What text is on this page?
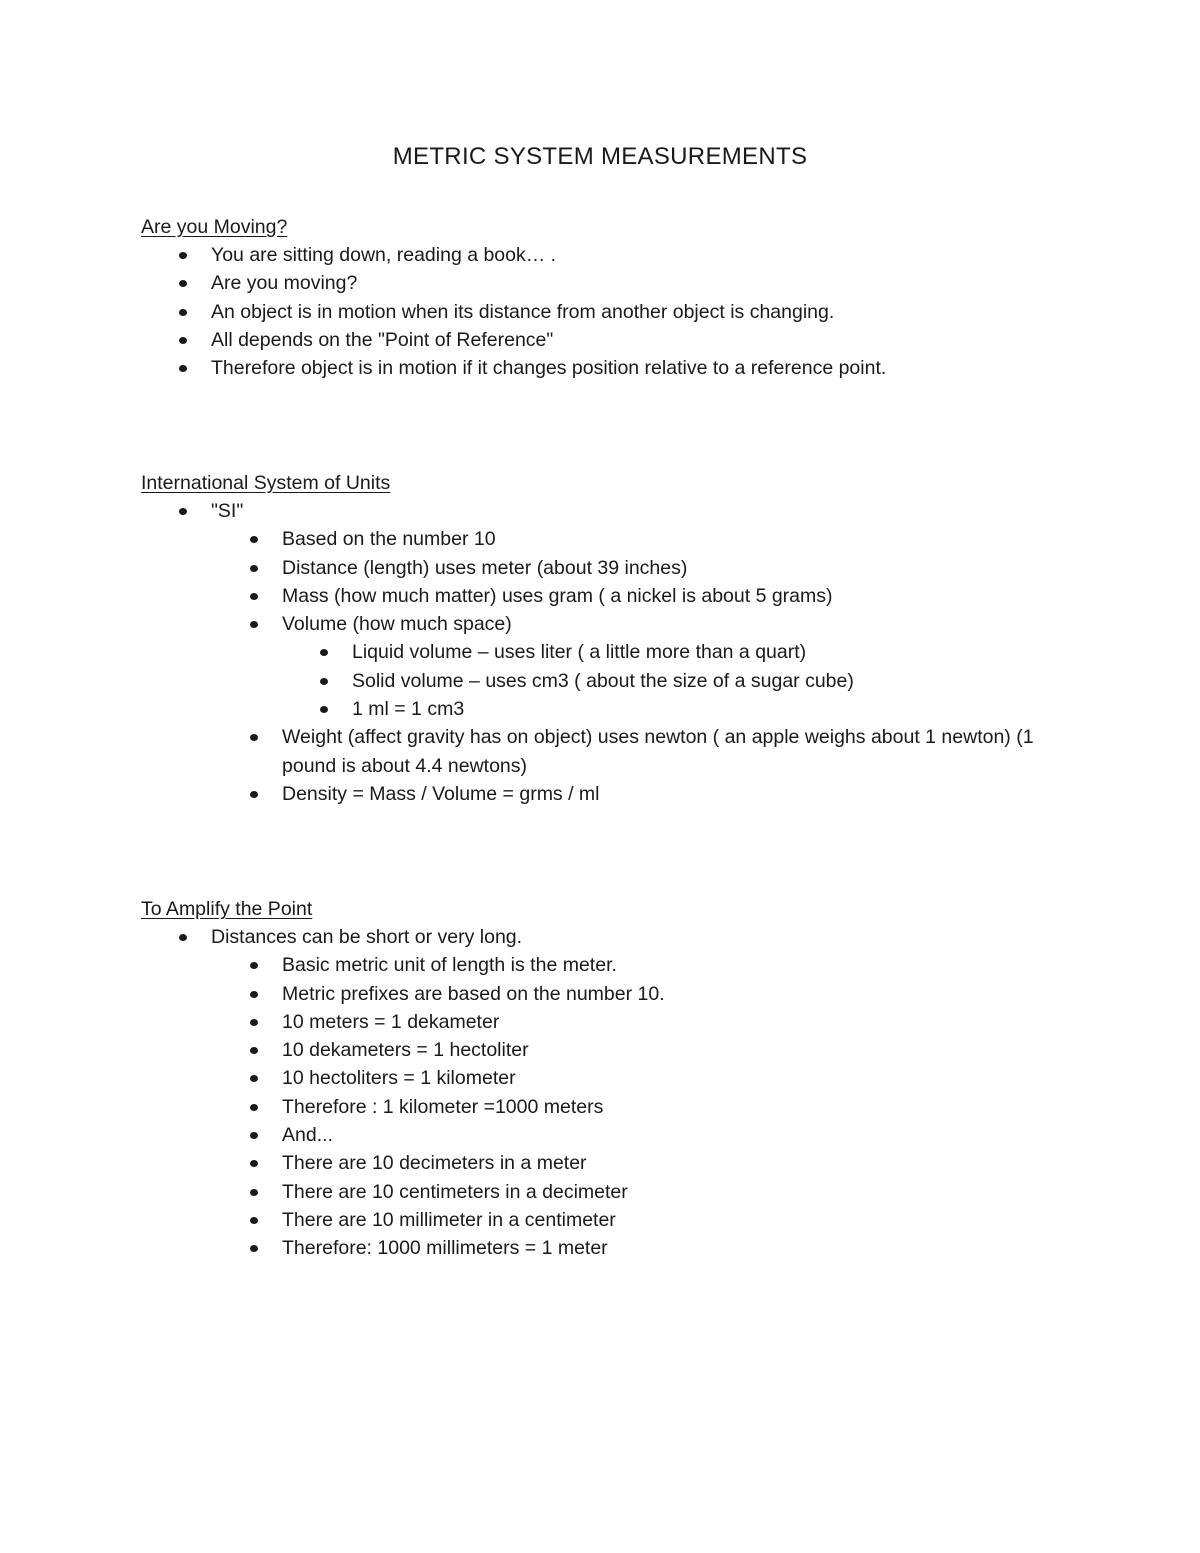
METRIC SYSTEM MEASUREMENTS

Are you Moving?

You are sitting down, reading a book… .
Are you moving?
An object is in motion when its distance from another object is changing.
All depends on the "Point of Reference"
Therefore object is in motion if it changes position relative to a reference point.

International System of Units

"SI"
Based on the number 10
Distance (length) uses meter (about 39 inches)
Mass (how much matter) uses gram ( a nickel is about 5 grams)
Volume (how much space)
Liquid volume – uses liter ( a little more than a quart)
Solid volume – uses cm3 ( about the size of a sugar cube)
1 ml = 1 cm3
Weight (affect gravity has on object) uses newton ( an apple weighs about 1 newton) (1 pound is about 4.4 newtons)
Density = Mass / Volume = grms / ml

To Amplify the Point

Distances can be short or very long.
Basic metric unit of length is the meter.
Metric prefixes are based on the number 10.
10 meters = 1 dekameter
10 dekameters = 1 hectoliter
10 hectoliters = 1 kilometer
Therefore : 1 kilometer =1000 meters
And...
There are 10 decimeters in a meter
There are 10 centimeters in a decimeter
There are 10 millimeter in a centimeter
Therefore: 1000 millimeters = 1 meter
